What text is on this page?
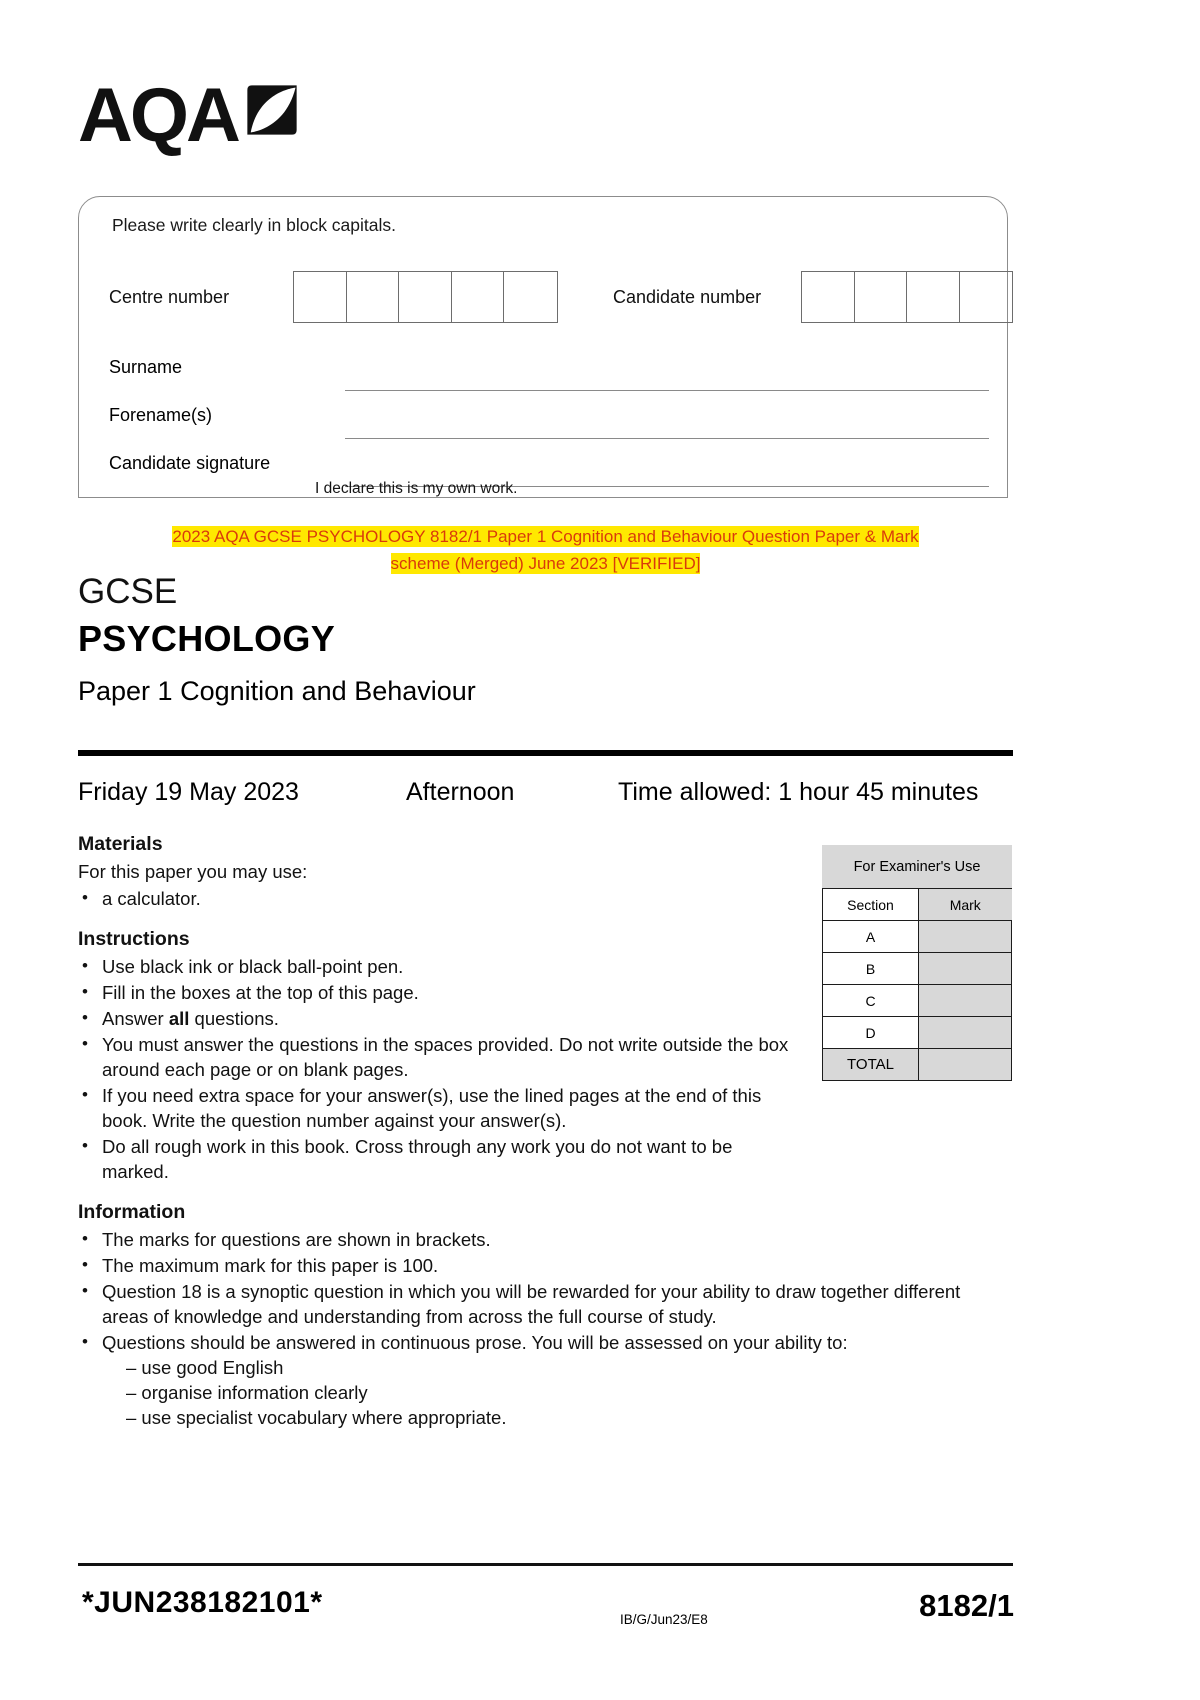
AQA
Please write clearly in block capitals.
Centre number	Candidate number
Surname
Forename(s)
Candidate signature
I declare this is my own work.
2023 AQA GCSE PSYCHOLOGY 8182/1 Paper 1 Cognition and Behaviour Question Paper & Mark
scheme (Merged) June 2023 [VERIFIED]
GCSE
PSYCHOLOGY
Paper 1 Cognition and Behaviour
Friday 19 May 2023	Afternoon	Time allowed: 1 hour 45 minutes
Materials
For this paper you may use:
• a calculator.
Instructions
• Use black ink or black ball-point pen.
• Fill in the boxes at the top of this page.
• Answer all questions.
• You must answer the questions in the spaces provided. Do not write outside the box around each page or on blank pages.
• If you need extra space for your answer(s), use the lined pages at the end of this book. Write the question number against your answer(s).
• Do all rough work in this book. Cross through any work you do not want to be marked.
Information
• The marks for questions are shown in brackets.
• The maximum mark for this paper is 100.
• Question 18 is a synoptic question in which you will be rewarded for your ability to draw together different areas of knowledge and understanding from across the full course of study.
• Questions should be answered in continuous prose. You will be assessed on your ability to:
– use good English
– organise information clearly
– use specialist vocabulary where appropriate.
For Examiner's Use	
Section	Mark
A	
B	
C	
D	
TOTAL	
*JUN238182101*
IB/G/Jun23/E8	8182/1
